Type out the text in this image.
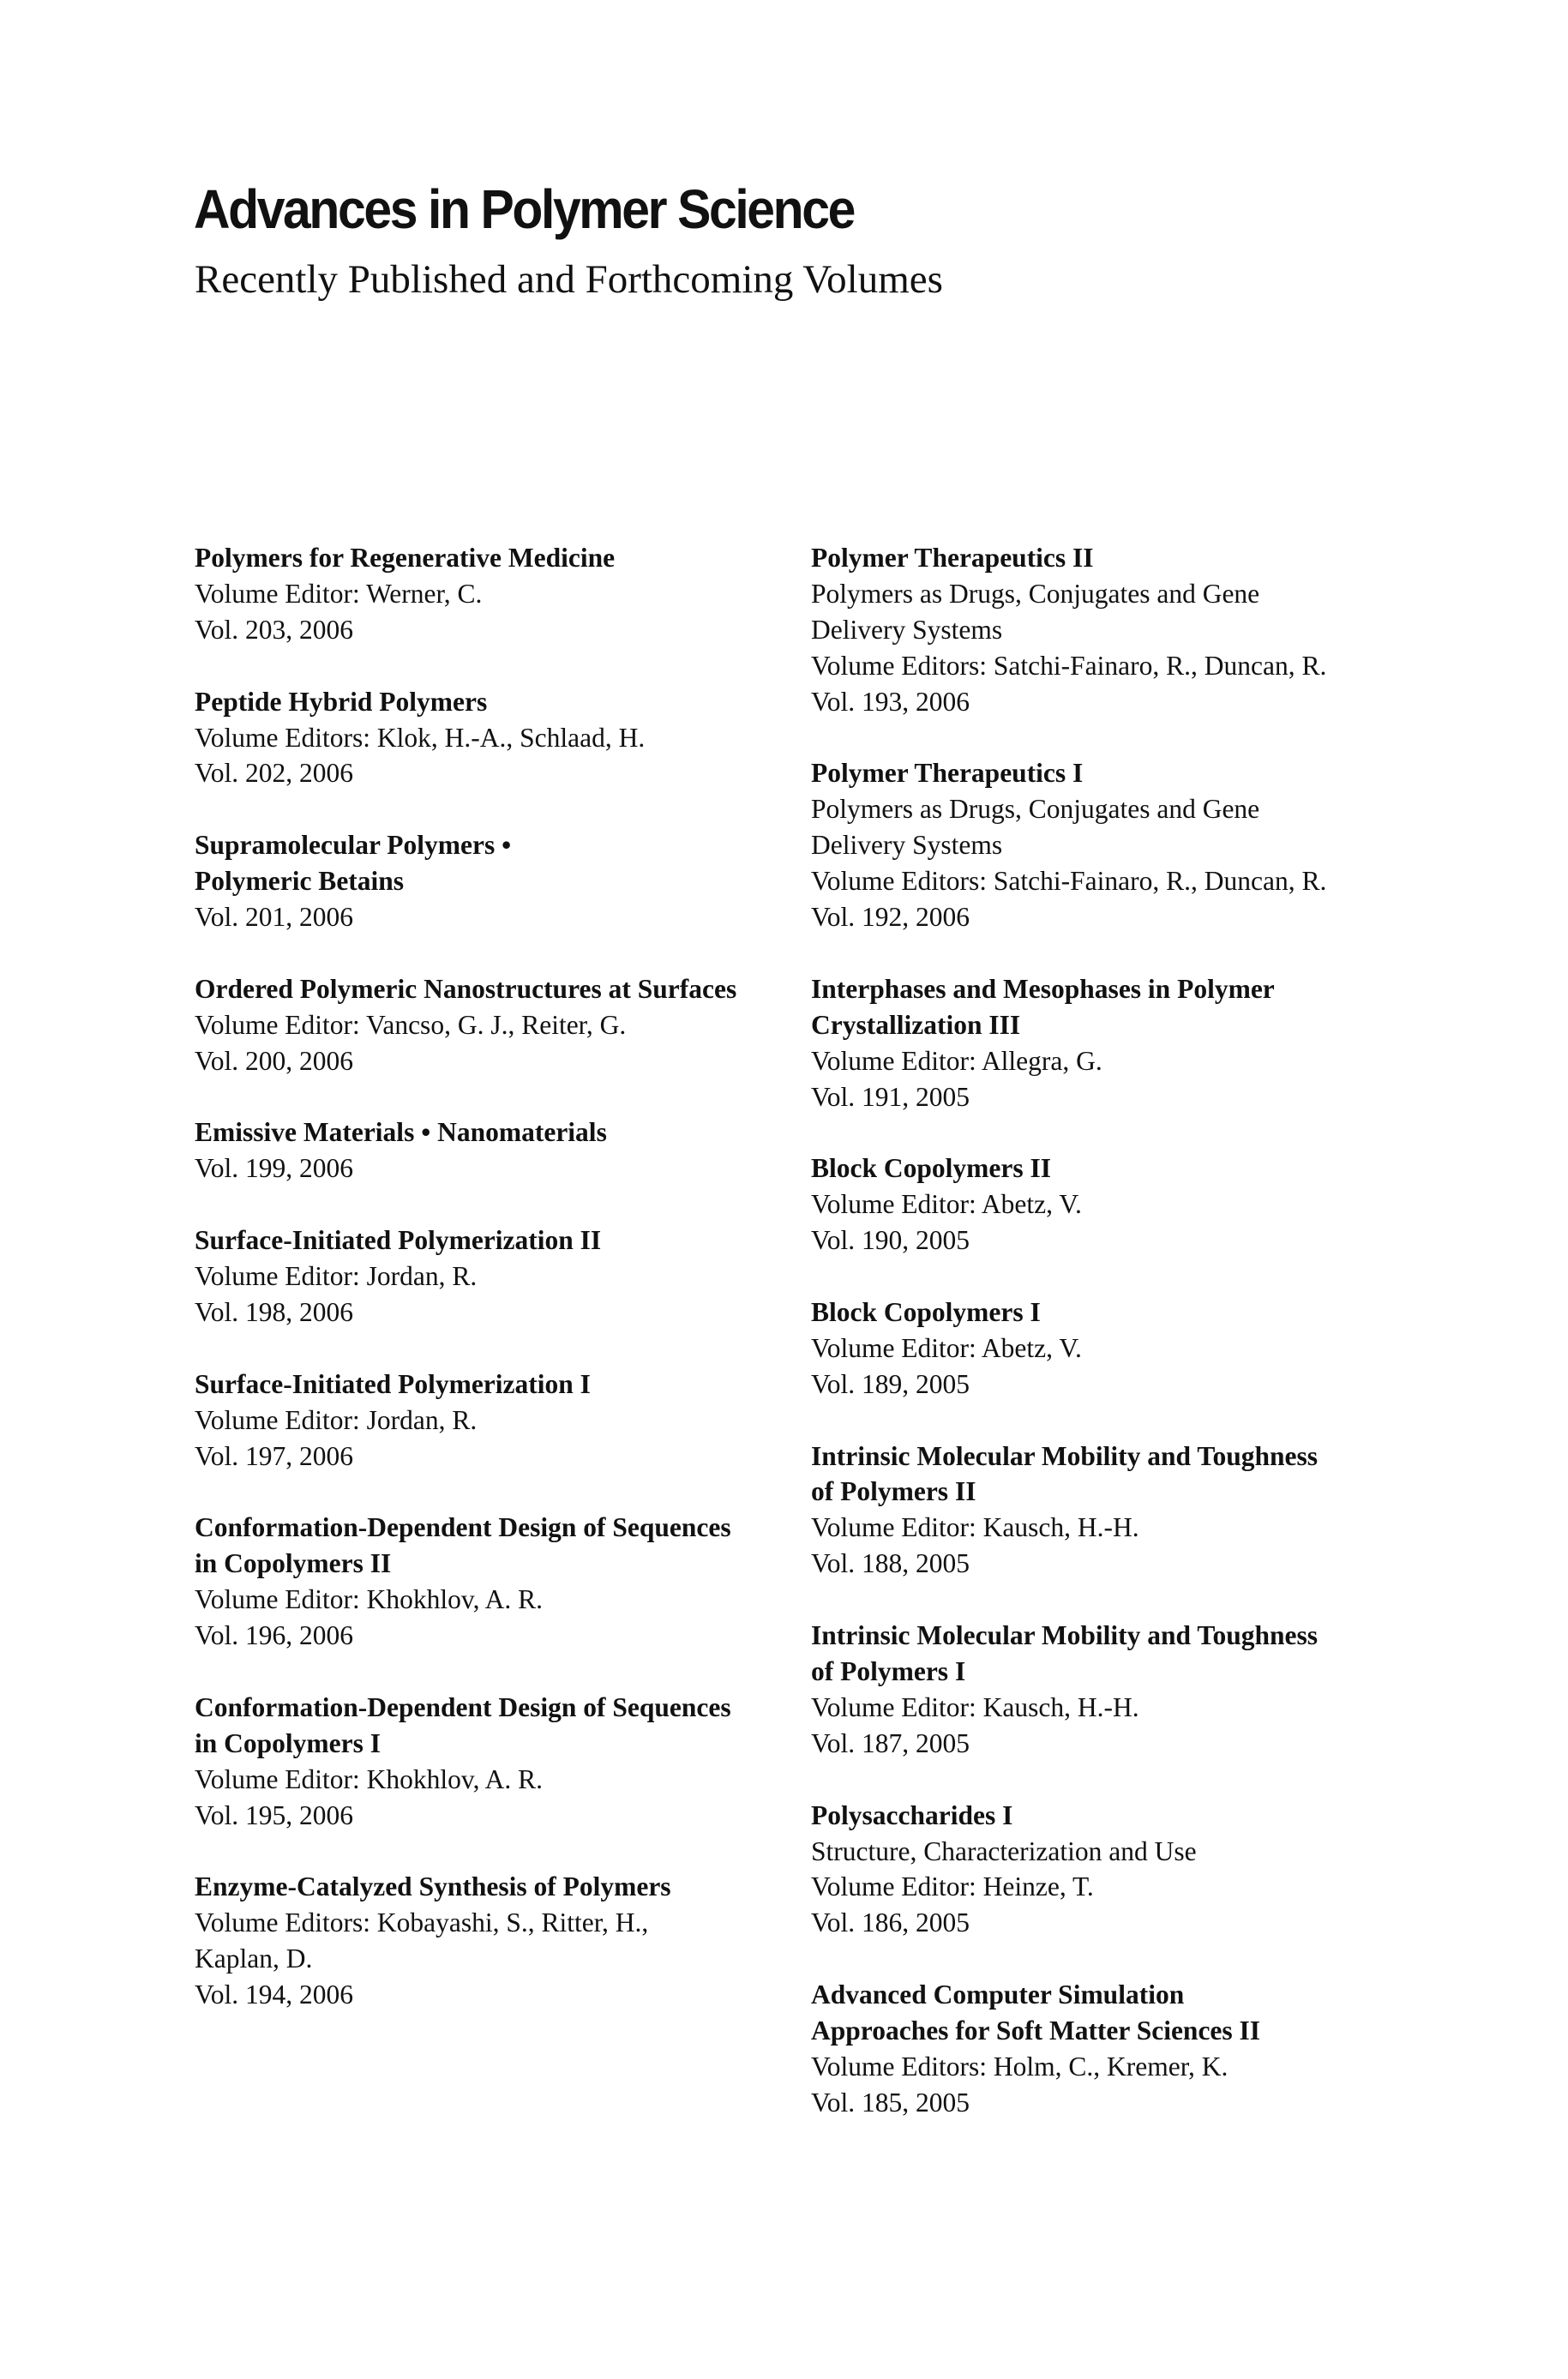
Advances in Polymer Science
Recently Published and Forthcoming Volumes
Polymers for Regenerative Medicine
Volume Editor: Werner, C.
Vol. 203, 2006
Peptide Hybrid Polymers
Volume Editors: Klok, H.-A., Schlaad, H.
Vol. 202, 2006
Supramolecular Polymers •
Polymeric Betains
Vol. 201, 2006
Ordered Polymeric Nanostructures at Surfaces
Volume Editor: Vancso, G. J., Reiter, G.
Vol. 200, 2006
Emissive Materials • Nanomaterials
Vol. 199, 2006
Surface-Initiated Polymerization II
Volume Editor: Jordan, R.
Vol. 198, 2006
Surface-Initiated Polymerization I
Volume Editor: Jordan, R.
Vol. 197, 2006
Conformation-Dependent Design of Sequences
in Copolymers II
Volume Editor: Khokhlov, A. R.
Vol. 196, 2006
Conformation-Dependent Design of Sequences
in Copolymers I
Volume Editor: Khokhlov, A. R.
Vol. 195, 2006
Enzyme-Catalyzed Synthesis of Polymers
Volume Editors: Kobayashi, S., Ritter, H.,
Kaplan, D.
Vol. 194, 2006
Polymer Therapeutics II
Polymers as Drugs, Conjugates and Gene
Delivery Systems
Volume Editors: Satchi-Fainaro, R., Duncan, R.
Vol. 193, 2006
Polymer Therapeutics I
Polymers as Drugs, Conjugates and Gene
Delivery Systems
Volume Editors: Satchi-Fainaro, R., Duncan, R.
Vol. 192, 2006
Interphases and Mesophases in Polymer
Crystallization III
Volume Editor: Allegra, G.
Vol. 191, 2005
Block Copolymers II
Volume Editor: Abetz, V.
Vol. 190, 2005
Block Copolymers I
Volume Editor: Abetz, V.
Vol. 189, 2005
Intrinsic Molecular Mobility and Toughness
of Polymers II
Volume Editor: Kausch, H.-H.
Vol. 188, 2005
Intrinsic Molecular Mobility and Toughness
of Polymers I
Volume Editor: Kausch, H.-H.
Vol. 187, 2005
Polysaccharides I
Structure, Characterization and Use
Volume Editor: Heinze, T.
Vol. 186, 2005
Advanced Computer Simulation
Approaches for Soft Matter Sciences II
Volume Editors: Holm, C., Kremer, K.
Vol. 185, 2005
